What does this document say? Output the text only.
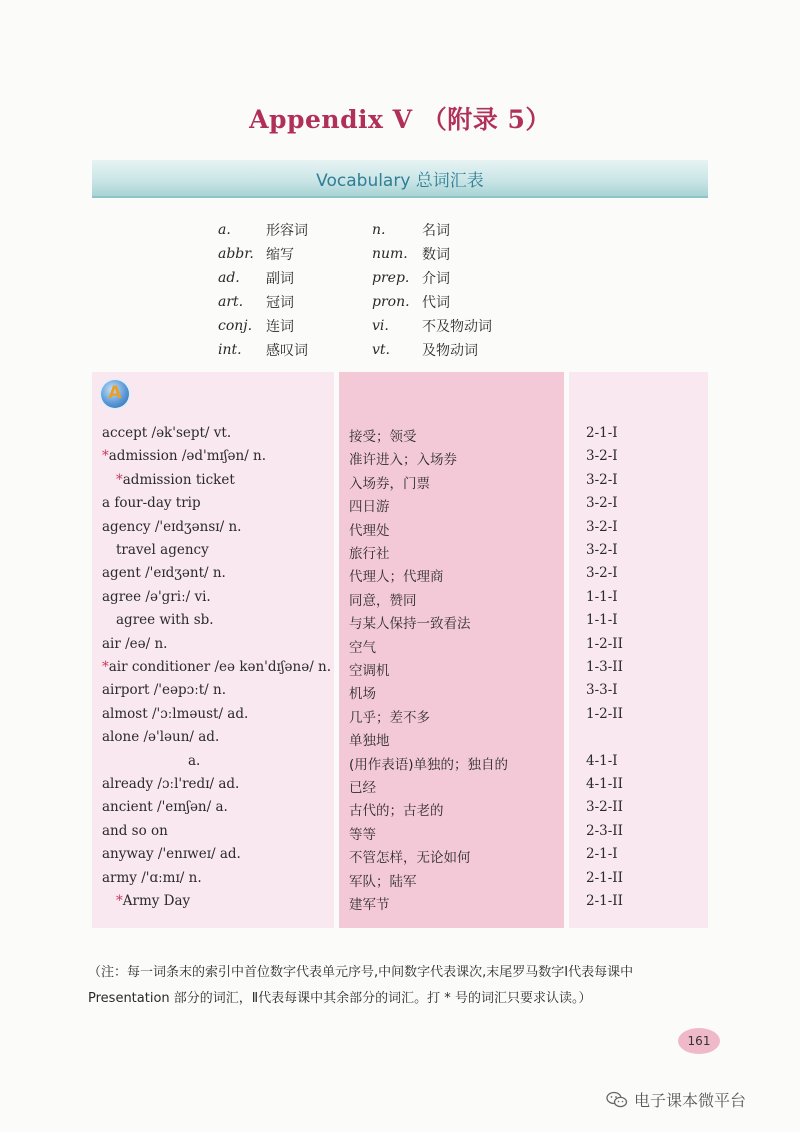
Appendix V （附录 5）
Vocabulary 总词汇表
a.	形容词	n.	名词
abbr. 缩写	num.	数词
ad.	副词	prep. 介词
art.	冠词	pron. 代词
conj. 连词	vi.	不及物动词
int.	感叹词	vt.	及物动词
A
accept /ək'sept/ vt.	接受；领受	2-1-I
*admission /əd'mɪʃən/ n.	准许进入；入场券	3-2-I
*admission ticket	入场券，门票	3-2-I
a four-day trip	四日游	3-2-I
agency /'eɪdʒənsɪ/ n.	代理处	3-2-I
travel agency	旅行社	3-2-I
agent /'eɪdʒənt/ n.	代理人；代理商	3-2-I
agree /ə'griː/ vi.	同意，赞同	1-1-I
agree with sb.	与某人保持一致看法	1-1-I
air /eə/ n.	空气	1-2-II
*air conditioner /eə kən'dɪʃənə/ n. 空调机	1-3-II
airport /'eəpɔːt/ n.	机场	3-3-I
almost /'ɔːlməust/ ad.	几乎；差不多	1-2-II
alone /ə'ləun/ ad.	单独地
a.	(用作表语)单独的；独自的	4-1-I
already /ɔːl'redɪ/ ad.	已经	4-1-II
ancient /'eɪnʃən/ a.	古代的；古老的	3-2-II
and so on	等等	2-3-II
anyway /'enɪweɪ/ ad.	不管怎样，无论如何	2-1-I
army /'ɑːmɪ/ n.	军队；陆军	2-1-II
*Army Day	建军节	2-1-II
（注：每一词条末的索引中首位数字代表单元序号,中间数字代表课次,末尾罗马数字Ⅰ代表每课中 Presentation 部分的词汇，Ⅱ代表每课中其余部分的词汇。打 * 号的词汇只要求认读。）
161
电子课本微平台
